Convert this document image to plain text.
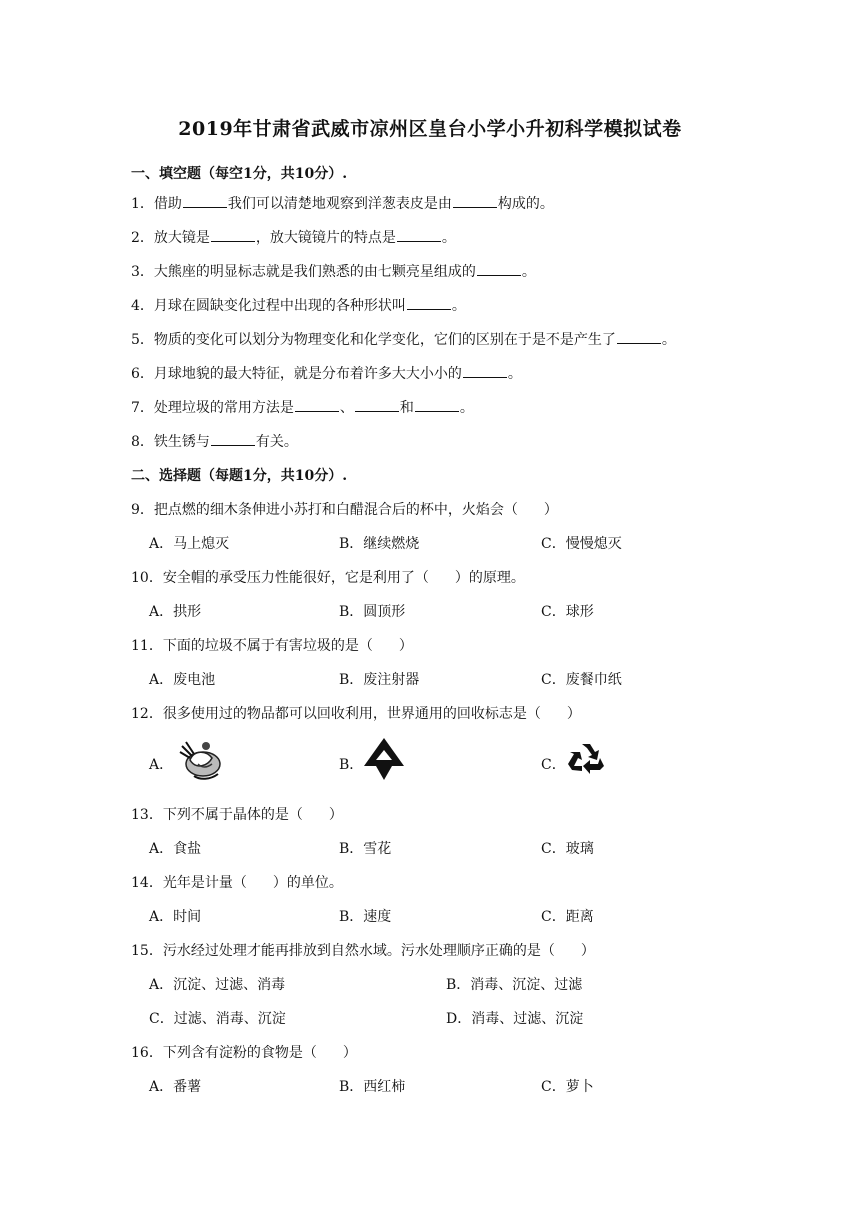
2019年甘肃省武威市凉州区皇台小学小升初科学模拟试卷
一、填空题（每空1分，共10分）.
1．借助	我们可以清楚地观察到洋葱表皮是由	构成的。
2．放大镜是	，放大镜镜片的特点是	。
3．大熊座的明显标志就是我们熟悉的由七颗亮星组成的	。
4．月球在圆缺变化过程中出现的各种形状叫	。
5．物质的变化可以划分为物理变化和化学变化，它们的区别在于是不是产生了	。
6．月球地貌的最大特征，就是分布着许多大大小小的	。
7．处理垃圾的常用方法是	、	和	。
8．铁生锈与	有关。
二、选择题（每题1分，共10分）.
9．把点燃的细木条伸进小苏打和白醋混合后的杯中，火焰会（ ）
A．马上熄灭	B．继续燃烧	C．慢慢熄灭
10．安全帽的承受压力性能很好，它是利用了（ ）的原理。
A．拱形	B．圆顶形	C．球形
11．下面的垃圾不属于有害垃圾的是（ ）
A．废电池	B．废注射器	C．废餐巾纸
12．很多使用过的物品都可以回收利用，世界通用的回收标志是（ ）
A．	B．	C．
13．下列不属于晶体的是（ ）
A．食盐	B．雪花	C．玻璃
14．光年是计量（ ）的单位。
A．时间	B．速度	C．距离
15．污水经过处理才能再排放到自然水域。污水处理顺序正确的是（ ）
A．沉淀、过滤、消毒	B．消毒、沉淀、过滤
C．过滤、消毒、沉淀	D．消毒、过滤、沉淀
16．下列含有淀粉的食物是（ ）
A．番薯	B．西红柿	C．萝卜
